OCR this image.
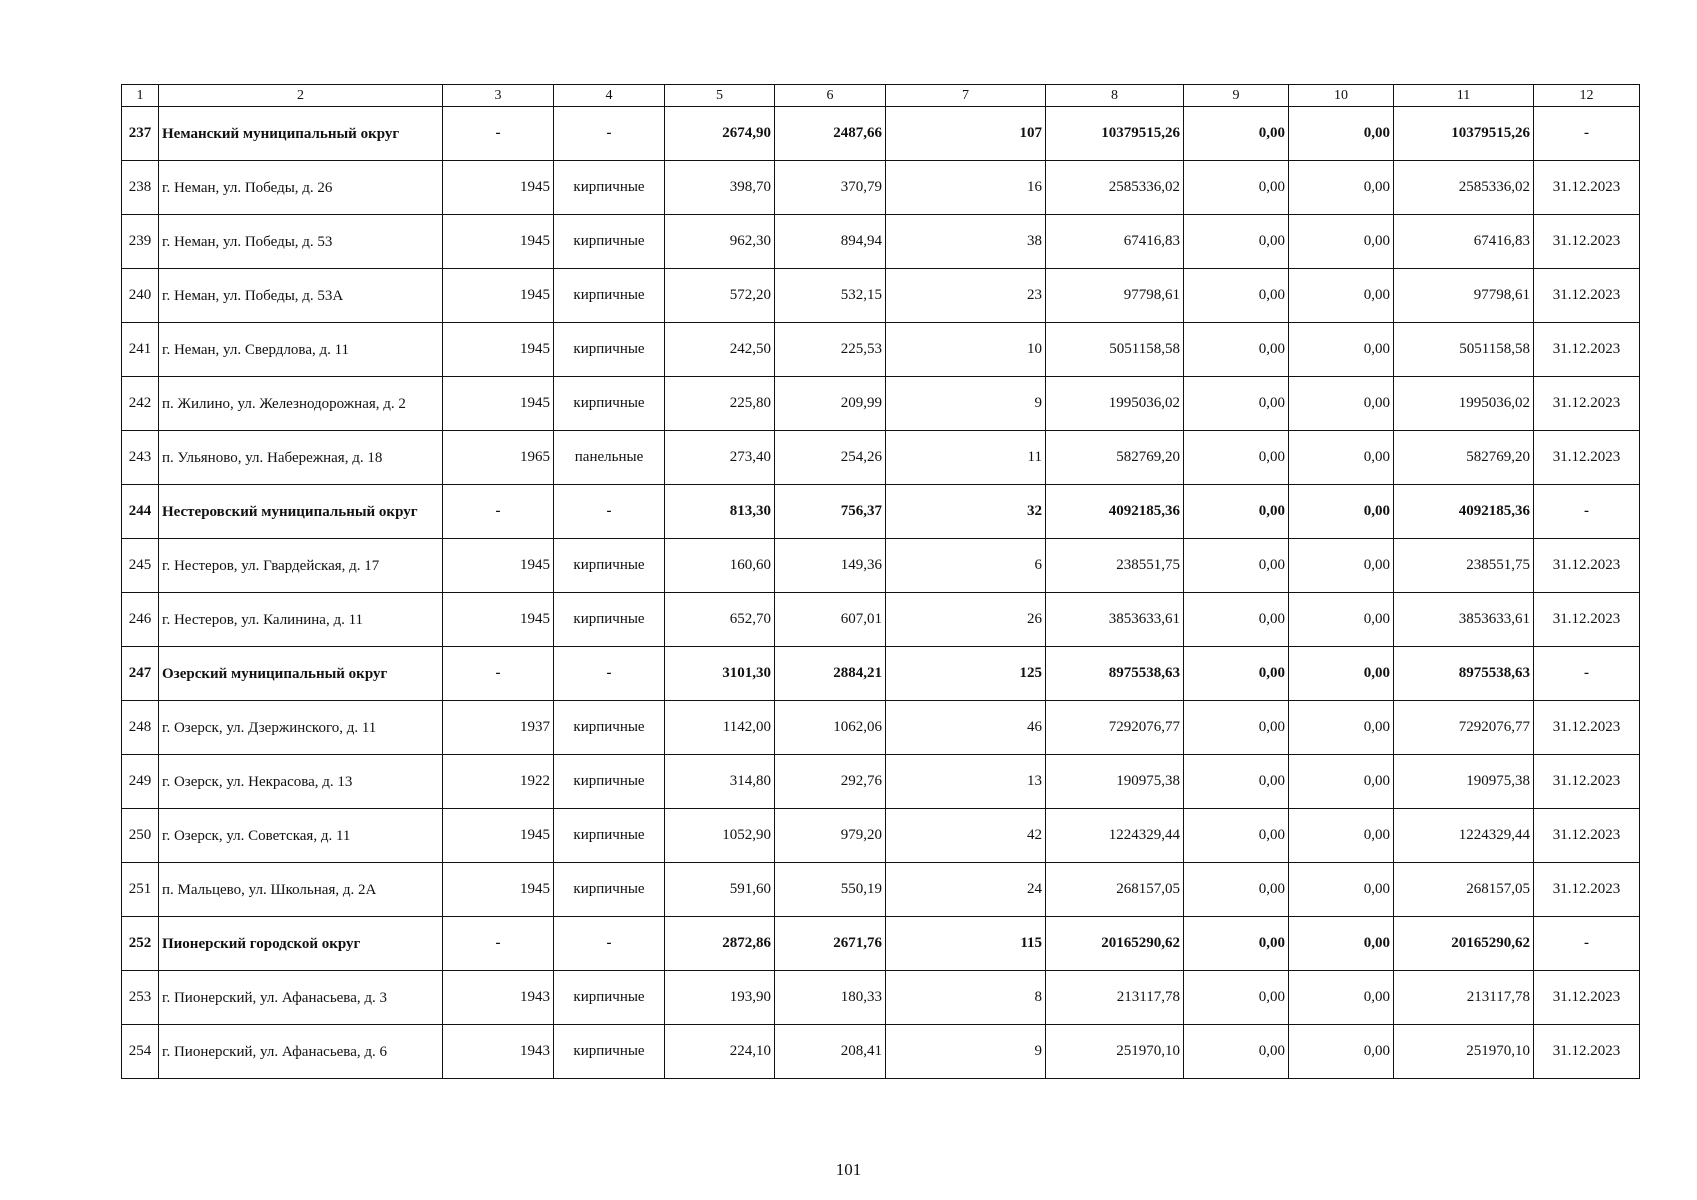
1	2	3	4	5	6	7	8	9	10	11	12
237	Неманский муниципальный округ	-	-	2674,90	2487,66	107	10379515,26	0,00	0,00	10379515,26	-
238	г. Неман, ул. Победы, д. 26	1945	кирпичные	398,70	370,79	16	2585336,02	0,00	0,00	2585336,02	31.12.2023
239	г. Неман, ул. Победы, д. 53	1945	кирпичные	962,30	894,94	38	67416,83	0,00	0,00	67416,83	31.12.2023
240	г. Неман, ул. Победы, д. 53А	1945	кирпичные	572,20	532,15	23	97798,61	0,00	0,00	97798,61	31.12.2023
241	г. Неман, ул. Свердлова, д. 11	1945	кирпичные	242,50	225,53	10	5051158,58	0,00	0,00	5051158,58	31.12.2023
242	п. Жилино, ул. Железнодорожная, д. 2	1945	кирпичные	225,80	209,99	9	1995036,02	0,00	0,00	1995036,02	31.12.2023
243	п. Ульяново, ул. Набережная, д. 18	1965	панельные	273,40	254,26	11	582769,20	0,00	0,00	582769,20	31.12.2023
244	Нестеровский муниципальный округ	-	-	813,30	756,37	32	4092185,36	0,00	0,00	4092185,36	-
245	г. Нестеров, ул. Гвардейская, д. 17	1945	кирпичные	160,60	149,36	6	238551,75	0,00	0,00	238551,75	31.12.2023
246	г. Нестеров, ул. Калинина, д. 11	1945	кирпичные	652,70	607,01	26	3853633,61	0,00	0,00	3853633,61	31.12.2023
247	Озерский муниципальный округ	-	-	3101,30	2884,21	125	8975538,63	0,00	0,00	8975538,63	-
248	г. Озерск, ул. Дзержинского, д. 11	1937	кирпичные	1142,00	1062,06	46	7292076,77	0,00	0,00	7292076,77	31.12.2023
249	г. Озерск, ул. Некрасова, д. 13	1922	кирпичные	314,80	292,76	13	190975,38	0,00	0,00	190975,38	31.12.2023
250	г. Озерск, ул. Советская, д. 11	1945	кирпичные	1052,90	979,20	42	1224329,44	0,00	0,00	1224329,44	31.12.2023
251	п. Мальцево, ул. Школьная, д. 2А	1945	кирпичные	591,60	550,19	24	268157,05	0,00	0,00	268157,05	31.12.2023
252	Пионерский городской округ	-	-	2872,86	2671,76	115	20165290,62	0,00	0,00	20165290,62	-
253	г. Пионерский, ул. Афанасьева, д. 3	1943	кирпичные	193,90	180,33	8	213117,78	0,00	0,00	213117,78	31.12.2023
254	г. Пионерский, ул. Афанасьева, д. 6	1943	кирпичные	224,10	208,41	9	251970,10	0,00	0,00	251970,10	31.12.2023
101
